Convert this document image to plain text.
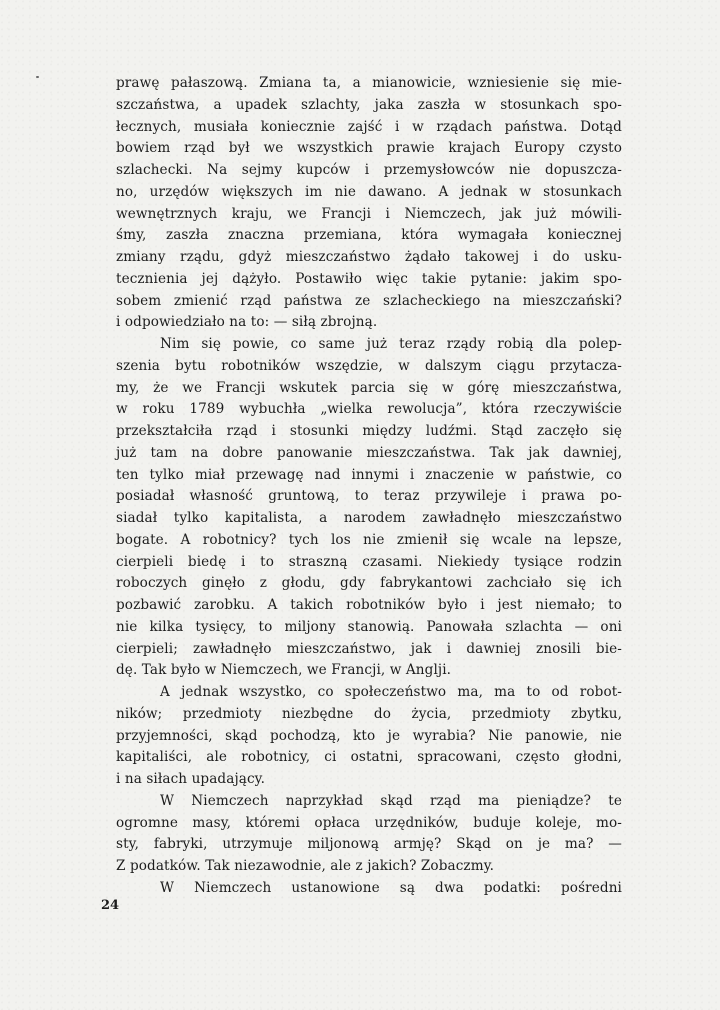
prawę pałaszową. Zmiana ta, a mianowicie, wzniesienie się mie-
szczaństwa, a upadek szlachty, jaka zaszła w stosunkach spo-
łecznych, musiała koniecznie zajść i w rządach państwa. Dotąd
bowiem rząd był we wszystkich prawie krajach Europy czysto
szlachecki. Na sejmy kupców i przemysłowców nie dopuszcza-
no, urzędów większych im nie dawano. A jednak w stosunkach
wewnętrznych kraju, we Francji i Niemczech, jak już mówili-
śmy, zaszła znaczna przemiana, która wymagała koniecznej
zmiany rządu, gdyż mieszczaństwo żądało takowej i do usku-
tecznienia jej dążyło. Postawiło więc takie pytanie: jakim spo-
sobem zmienić rząd państwa ze szlacheckiego na mieszczański?
i odpowiedziało na to: — siłą zbrojną.
Nim się powie, co same już teraz rządy robią dla polep-
szenia bytu robotników wszędzie, w dalszym ciągu przytacza-
my, że we Francji wskutek parcia się w górę mieszczaństwa,
w roku 1789 wybuchła „wielka rewolucja”, która rzeczywiście
przekształciła rząd i stosunki między ludźmi. Stąd zaczęło się
już tam na dobre panowanie mieszczaństwa. Tak jak dawniej,
ten tylko miał przewagę nad innymi i znaczenie w państwie, co
posiadał własność gruntową, to teraz przywileje i prawa po-
siadał tylko kapitalista, a narodem zawładnęło mieszczaństwo
bogate. A robotnicy? tych los nie zmienił się wcale na lepsze,
cierpieli biedę i to straszną czasami. Niekiedy tysiące rodzin
roboczych ginęło z głodu, gdy fabrykantowi zachciało się ich
pozbawić zarobku. A takich robotników było i jest niemało; to
nie kilka tysięcy, to miljony stanowią. Panowała szlachta — oni
cierpieli; zawładnęło mieszczaństwo, jak i dawniej znosili bie-
dę. Tak było w Niemczech, we Francji, w Anglji.
A jednak wszystko, co społeczeństwo ma, ma to od robot-
ników; przedmioty niezbędne do życia, przedmioty zbytku,
przyjemności, skąd pochodzą, kto je wyrabia? Nie panowie, nie
kapitaliści, ale robotnicy, ci ostatni, spracowani, często głodni,
i na siłach upadający.
W Niemczech naprzykład skąd rząd ma pieniądze? te
ogromne masy, któremi opłaca urzędników, buduje koleje, mo-
sty, fabryki, utrzymuje miljonową armję? Skąd on je ma? —
Z podatków. Tak niezawodnie, ale z jakich? Zobaczmy.
W Niemczech ustanowione są dwa podatki: pośredni
24
